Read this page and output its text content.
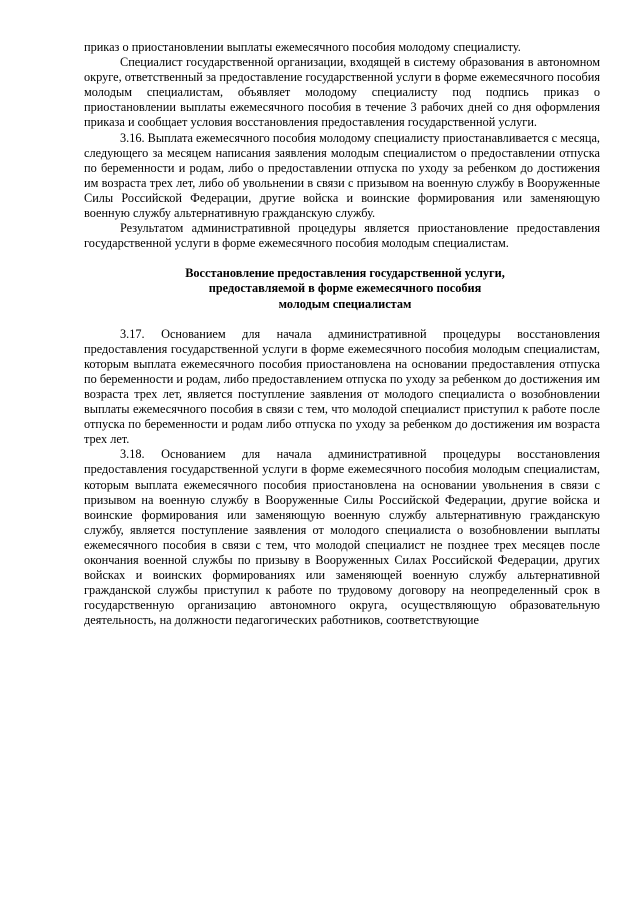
приказ о приостановлении выплаты ежемесячного пособия молодому специалисту.

Специалист государственной организации, входящей в систему образования в автономном округе, ответственный за предоставление государственной услуги в форме ежемесячного пособия молодым специалистам, объявляет молодому специалисту под подпись приказ о приостановлении выплаты ежемесячного пособия в течение 3 рабочих дней со дня оформления приказа и сообщает условия восстановления предоставления государственной услуги.

3.16. Выплата ежемесячного пособия молодому специалисту приостанавливается с месяца, следующего за месяцем написания заявления молодым специалистом о предоставлении отпуска по беременности и родам, либо о предоставлении отпуска по уходу за ребенком до достижения им возраста трех лет, либо об увольнении в связи с призывом на военную службу в Вооруженные Силы Российской Федерации, другие войска и воинские формирования или заменяющую военную службу альтернативную гражданскую службу.

Результатом административной процедуры является приостановление предоставления государственной услуги в форме ежемесячного пособия молодым специалистам.

Восстановление предоставления государственной услуги,
предоставляемой в форме ежемесячного пособия
молодым специалистам

3.17. Основанием для начала административной процедуры восстановления предоставления государственной услуги в форме ежемесячного пособия молодым специалистам, которым выплата ежемесячного пособия приостановлена на основании предоставления отпуска по беременности и родам, либо предоставлением отпуска по уходу за ребенком до достижения им возраста трех лет, является поступление заявления от молодого специалиста о возобновлении выплаты ежемесячного пособия в связи с тем, что молодой специалист приступил к работе после отпуска по беременности и родам либо отпуска по уходу за ребенком до достижения им возраста трех лет.

3.18. Основанием для начала административной процедуры восстановления предоставления государственной услуги в форме ежемесячного пособия молодым специалистам, которым выплата ежемесячного пособия приостановлена на основании увольнения в связи с призывом на военную службу в Вооруженные Силы Российской Федерации, другие войска и воинские формирования или заменяющую военную службу альтернативную гражданскую службу, является поступление заявления от молодого специалиста о возобновлении выплаты ежемесячного пособия в связи с тем, что молодой специалист не позднее трех месяцев после окончания военной службы по призыву в Вооруженных Силах Российской Федерации, других войсках и воинских формированиях или заменяющей военную службу альтернативной гражданской службы приступил к работе по трудовому договору на неопределенный срок в государственную организацию автономного округа, осуществляющую образовательную деятельность, на должности педагогических работников, соответствующие
